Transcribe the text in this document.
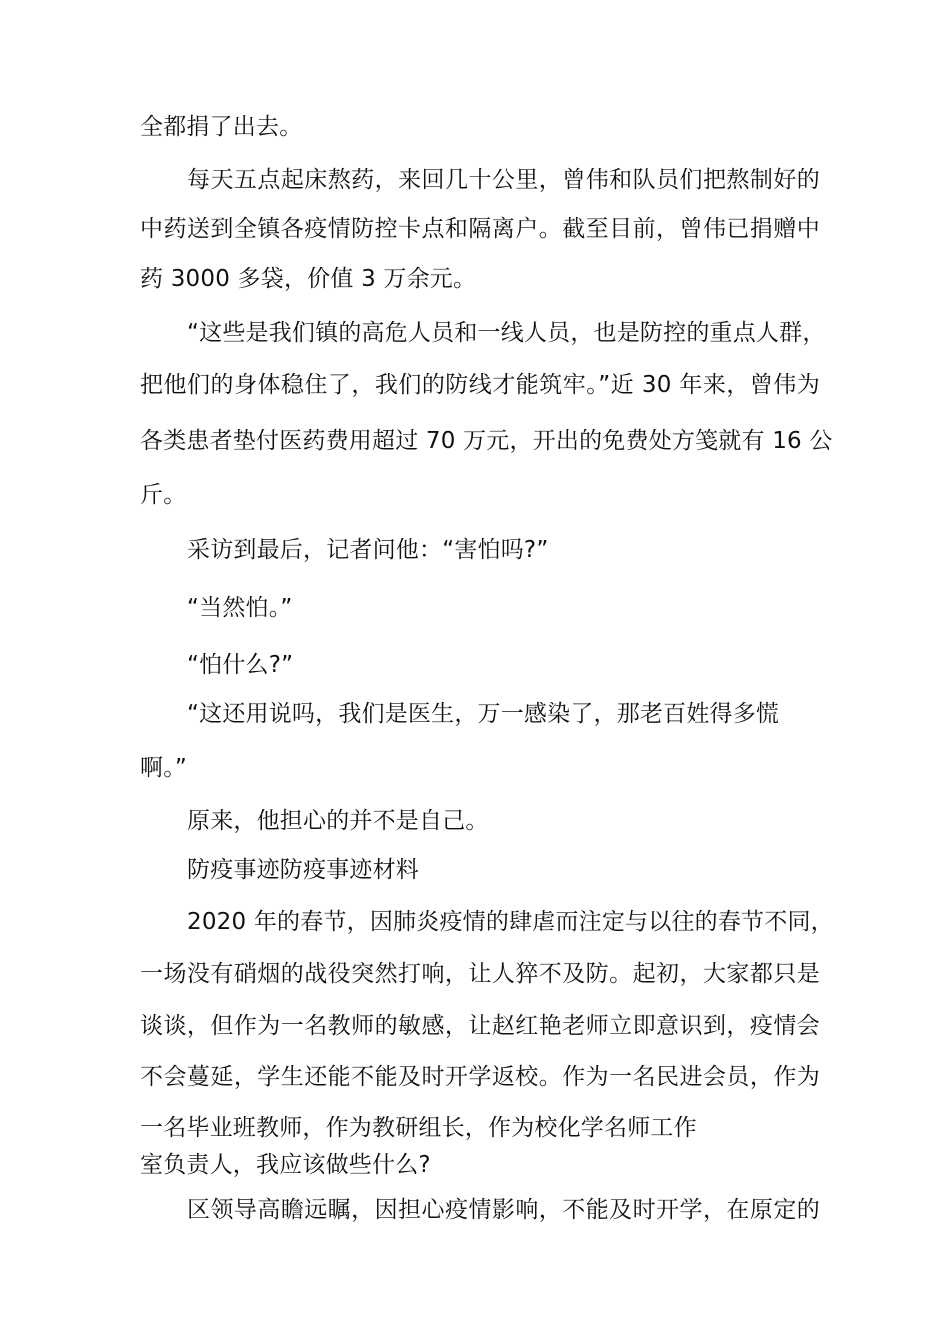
全都捐了出去。
每天五点起床熬药，来回几十公里，曾伟和队员们把熬制好的
中药送到全镇各疫情防控卡点和隔离户。截至目前，曾伟已捐赠中
药 3000 多袋，价值 3 万余元。
“这些是我们镇的高危人员和一线人员，也是防控的重点人群，
把他们的身体稳住了，我们的防线才能筑牢。”近 30 年来，曾伟为
各类患者垫付医药费用超过 70 万元，开出的免费处方笺就有 16 公
斤。
采访到最后，记者问他：“害怕吗?”
“当然怕。”
“怕什么?”
“这还用说吗，我们是医生，万一感染了，那老百姓得多慌
啊。”
原来，他担心的并不是自己。
防疫事迹防疫事迹材料
2020 年的春节，因肺炎疫情的肆虐而注定与以往的春节不同，
一场没有硝烟的战役突然打响，让人猝不及防。起初，大家都只是
谈谈，但作为一名教师的敏感，让赵红艳老师立即意识到，疫情会
不会蔓延，学生还能不能及时开学返校。作为一名民进会员，作为
一名毕业班教师，作为教研组长，作为校化学名师工作
室负责人，我应该做些什么?
区领导高瞻远瞩，因担心疫情影响，不能及时开学，在原定的
